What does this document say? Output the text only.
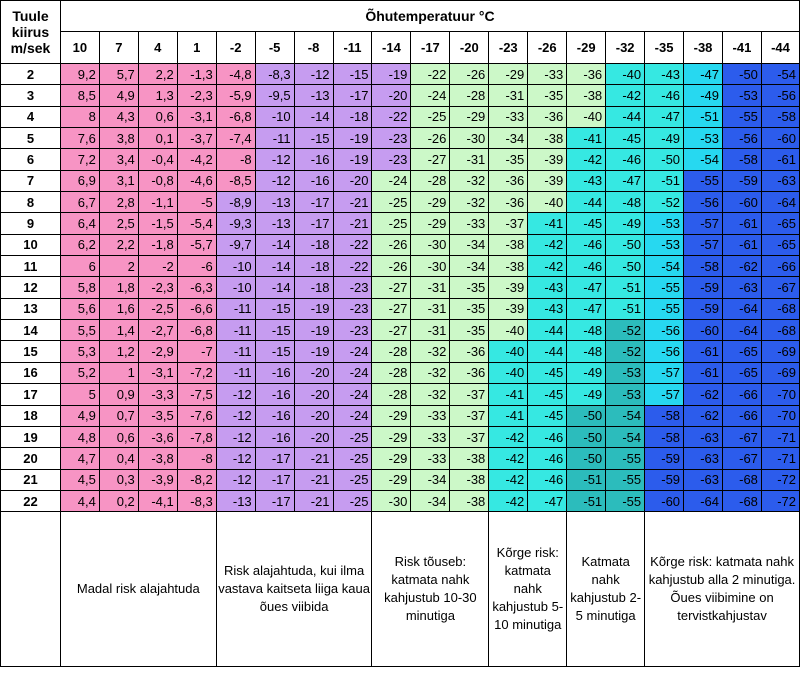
Tuule kiirus m/sek	Õhutemperatuur °C																		
	10	7	4	1	-2	-5	-8	-11	-14	-17	-20	-23	-26	-29	-32	-35	-38	-41	-44
2	9,2	5,7	2,2	-1,3	-4,8	-8,3	-12	-15	-19	-22	-26	-29	-33	-36	-40	-43	-47	-50	-54
3	8,5	4,9	1,3	-2,3	-5,9	-9,5	-13	-17	-20	-24	-28	-31	-35	-38	-42	-46	-49	-53	-56
4	8	4,3	0,6	-3,1	-6,8	-10	-14	-18	-22	-25	-29	-33	-36	-40	-44	-47	-51	-55	-58
5	7,6	3,8	0,1	-3,7	-7,4	-11	-15	-19	-23	-26	-30	-34	-38	-41	-45	-49	-53	-56	-60
6	7,2	3,4	-0,4	-4,2	-8	-12	-16	-19	-23	-27	-31	-35	-39	-42	-46	-50	-54	-58	-61
7	6,9	3,1	-0,8	-4,6	-8,5	-12	-16	-20	-24	-28	-32	-36	-39	-43	-47	-51	-55	-59	-63
8	6,7	2,8	-1,1	-5	-8,9	-13	-17	-21	-25	-29	-32	-36	-40	-44	-48	-52	-56	-60	-64
9	6,4	2,5	-1,5	-5,4	-9,3	-13	-17	-21	-25	-29	-33	-37	-41	-45	-49	-53	-57	-61	-65
10	6,2	2,2	-1,8	-5,7	-9,7	-14	-18	-22	-26	-30	-34	-38	-42	-46	-50	-53	-57	-61	-65
11	6	2	-2	-6	-10	-14	-18	-22	-26	-30	-34	-38	-42	-46	-50	-54	-58	-62	-66
12	5,8	1,8	-2,3	-6,3	-10	-14	-18	-23	-27	-31	-35	-39	-43	-47	-51	-55	-59	-63	-67
13	5,6	1,6	-2,5	-6,6	-11	-15	-19	-23	-27	-31	-35	-39	-43	-47	-51	-55	-59	-64	-68
14	5,5	1,4	-2,7	-6,8	-11	-15	-19	-23	-27	-31	-35	-40	-44	-48	-52	-56	-60	-64	-68
15	5,3	1,2	-2,9	-7	-11	-15	-19	-24	-28	-32	-36	-40	-44	-48	-52	-56	-61	-65	-69
16	5,2	1	-3,1	-7,2	-11	-16	-20	-24	-28	-32	-36	-40	-45	-49	-53	-57	-61	-65	-69
17	5	0,9	-3,3	-7,5	-12	-16	-20	-24	-28	-32	-37	-41	-45	-49	-53	-57	-62	-66	-70
18	4,9	0,7	-3,5	-7,6	-12	-16	-20	-24	-29	-33	-37	-41	-45	-50	-54	-58	-62	-66	-70
19	4,8	0,6	-3,6	-7,8	-12	-16	-20	-25	-29	-33	-37	-42	-46	-50	-54	-58	-63	-67	-71
20	4,7	0,4	-3,8	-8	-12	-17	-21	-25	-29	-33	-38	-42	-46	-50	-55	-59	-63	-67	-71
21	4,5	0,3	-3,9	-8,2	-12	-17	-21	-25	-29	-34	-38	-42	-46	-51	-55	-59	-63	-68	-72
22	4,4	0,2	-4,1	-8,3	-13	-17	-21	-25	-30	-34	-38	-42	-47	-51	-55	-60	-64	-68	-72
	Madal risk alajahtuda				Risk alajahtuda, kui ilma vastava kaitseta liiga kaua õues viibida				Risk tõuseb: katmata nahk kahjustub 10-30 minutiga			Kõrge risk: katmata nahk kahjustub 5-10 minutiga		Katmata nahk kahjustub 2- 5 minutiga		Kõrge risk: katmata nahk kahjustub alla 2 minutiga. Õues viibimine on tervistkahjustav			
